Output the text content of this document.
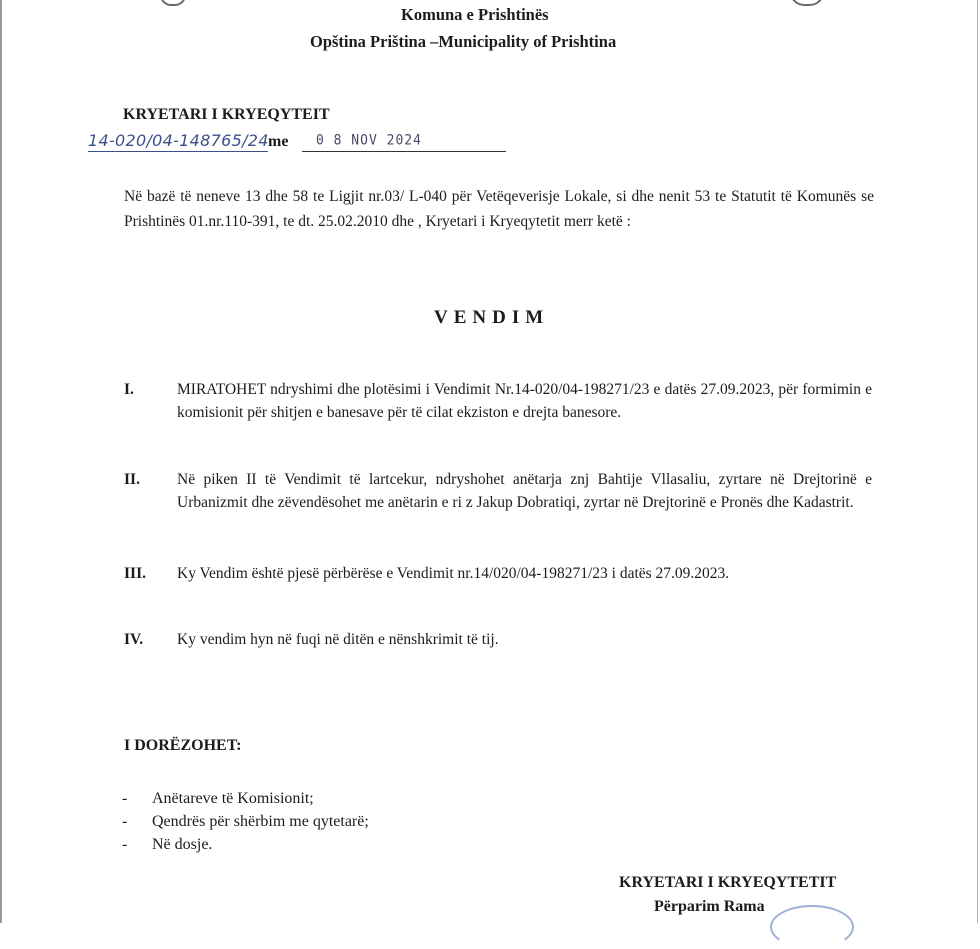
Komuna e Prishtinës
Opština Priština –Municipality of Prishtina
KRYETARI I KRYEQYTEIT
14-020/04-148765/24 me 0 8 NOV 2024

Në bazë të neneve 13 dhe 58 te Ligjit nr.03/ L-040 për Vetëqeverisje Lokale, si dhe nenit 53 te Statutit të Komunës se Prishtinës 01.nr.110-391, te dt. 25.02.2010 dhe , Kryetari i Kryeqytetit merr ketë :

VENDIM
I.	MIRATOHET ndryshimi dhe plotësimi i Vendimit Nr.14-020/04-198271/23 e datës 27.09.2023, për formimin e komisionit për shitjen e banesave për të cilat ekziston e drejta banesore.
II. Në piken II të Vendimit të lartcekur, ndryshohet anëtarja znj Bahtije Vllasaliu, zyrtare në Drejtorinë e Urbanizmit dhe zëvendësohet me anëtarin e ri z Jakup Dobratiqi, zyrtar në Drejtorinë e Pronës dhe Kadastrit.
III. Ky Vendim është pjesë përbërëse e Vendimit nr.14/020/04-198271/23 i datës 27.09.2023.
IV. Ky vendim hyn në fuqi në ditën e nënshkrimit të tij.
I DORËZOHET:
- Anëtareve të Komisionit;
- Qendrës për shërbim me qytetarë;
- Në dosje.
KRYETARI I KRYEQYTETIT
Përparim Rama
